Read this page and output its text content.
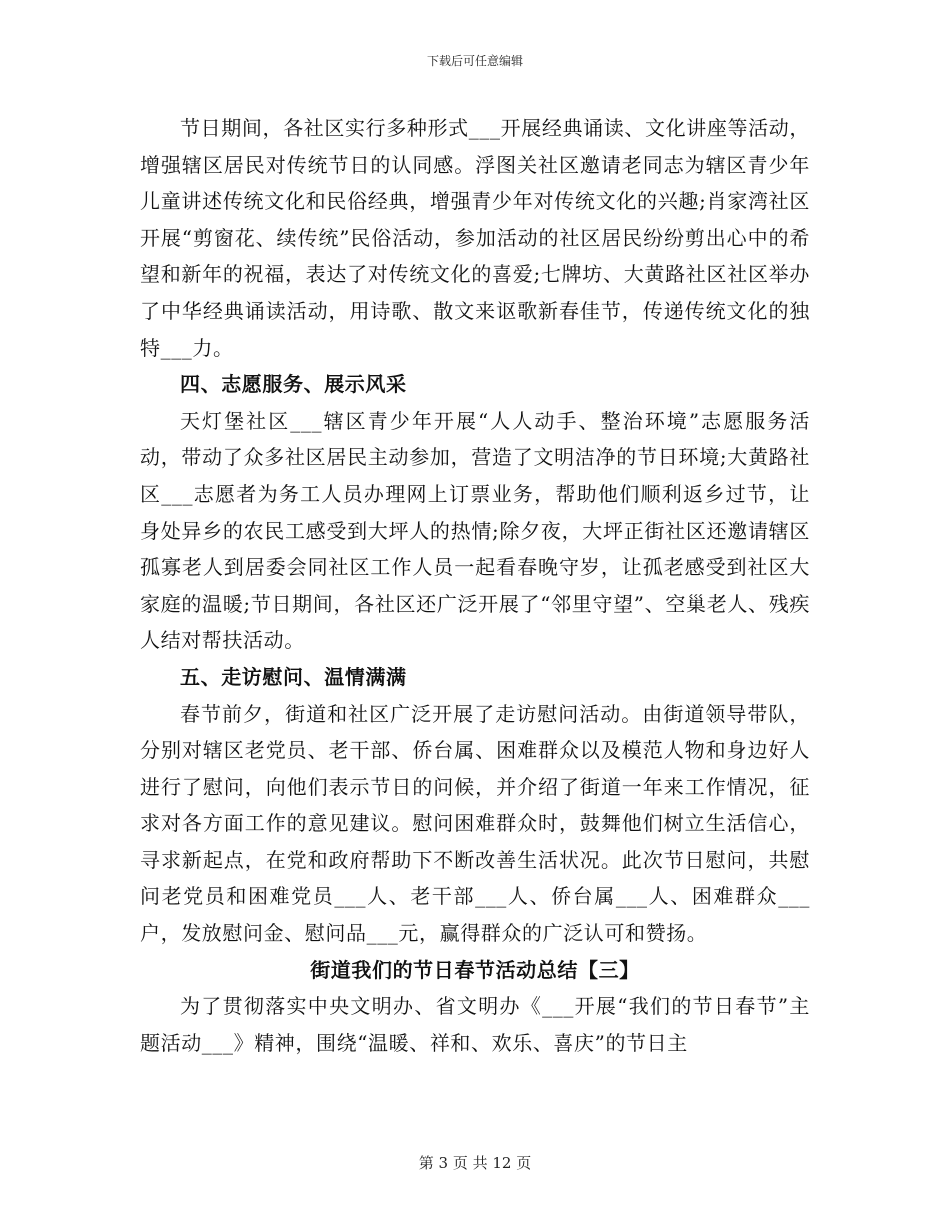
下载后可任意编辑

节日期间，各社区实行多种形式___开展经典诵读、文化讲座等活动，增强辖区居民对传统节日的认同感。浮图关社区邀请老同志为辖区青少年儿童讲述传统文化和民俗经典，增强青少年对传统文化的兴趣;肖家湾社区开展“剪窗花、续传统”民俗活动，参加活动的社区居民纷纷剪出心中的希望和新年的祝福，表达了对传统文化的喜爱;七牌坊、大黄路社区社区举办了中华经典诵读活动，用诗歌、散文来讴歌新春佳节，传递传统文化的独特___力。

四、志愿服务、展示风采

天灯堡社区___辖区青少年开展“人人动手、整治环境”志愿服务活动，带动了众多社区居民主动参加，营造了文明洁净的节日环境;大黄路社区___志愿者为务工人员办理网上订票业务，帮助他们顺利返乡过节，让身处异乡的农民工感受到大坪人的热情;除夕夜，大坪正街社区还邀请辖区孤寡老人到居委会同社区工作人员一起看春晚守岁，让孤老感受到社区大家庭的温暖;节日期间，各社区还广泛开展了“邻里守望”、空巢老人、残疾人结对帮扶活动。

五、走访慰问、温情满满

春节前夕，街道和社区广泛开展了走访慰问活动。由街道领导带队，分别对辖区老党员、老干部、侨台属、困难群众以及模范人物和身边好人进行了慰问，向他们表示节日的问候，并介绍了街道一年来工作情况，征求对各方面工作的意见建议。慰问困难群众时，鼓舞他们树立生活信心，寻求新起点，在党和政府帮助下不断改善生活状况。此次节日慰问，共慰问老党员和困难党员___人、老干部___人、侨台属___人、困难群众___户，发放慰问金、慰问品___元，赢得群众的广泛认可和赞扬。

街道我们的节日春节活动总结【三】

为了贯彻落实中央文明办、省文明办《___开展“我们的节日春节”主题活动___》精神，围绕“温暖、祥和、欢乐、喜庆”的节日主

第 3 页 共 12 页
